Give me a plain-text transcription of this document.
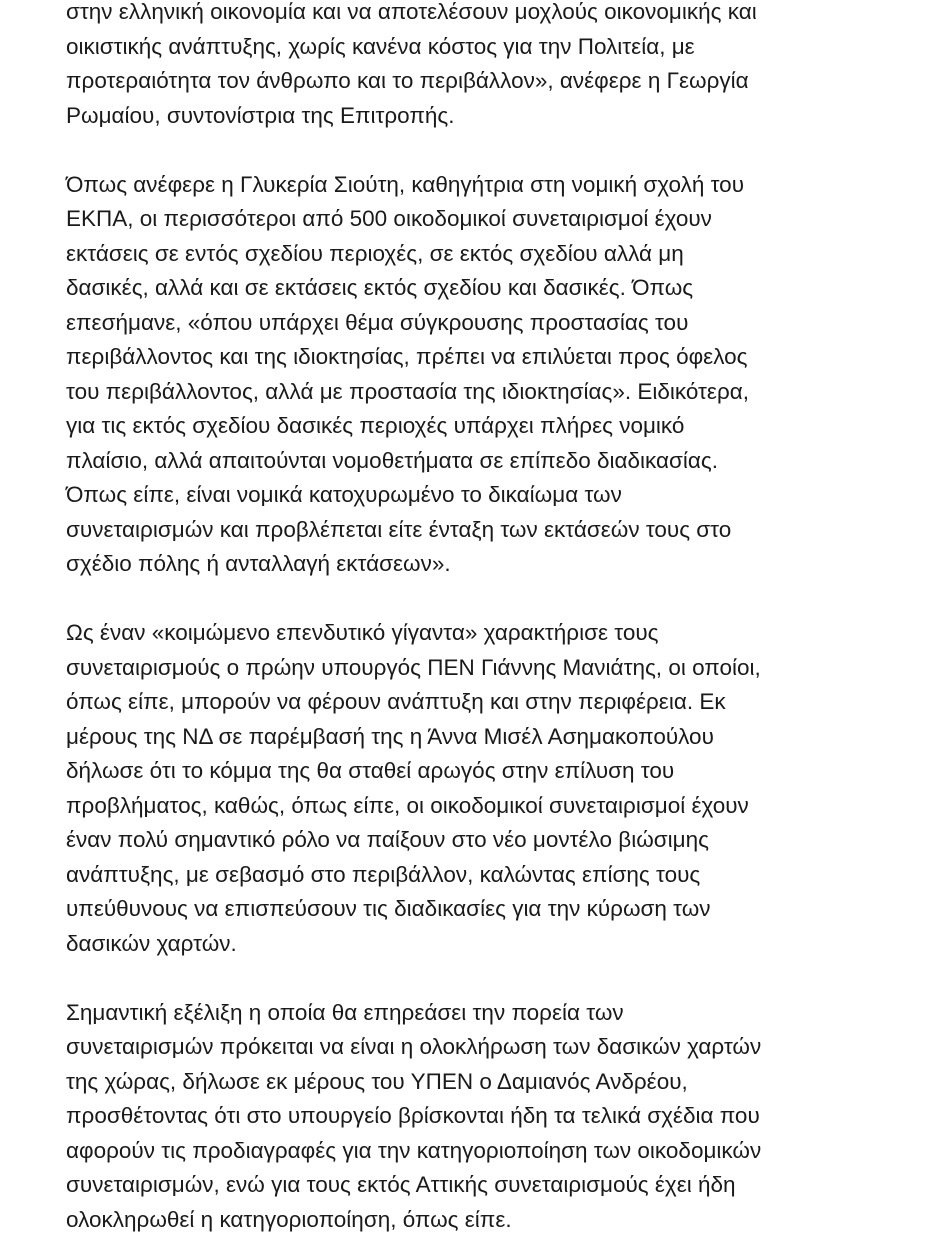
στην ελληνική οικονομία και να αποτελέσουν μοχλούς οικονομικής και
οικιστικής ανάπτυξης, χωρίς κανένα κόστος για την Πολιτεία, με
προτεραιότητα τον άνθρωπο και το περιβάλλον», ανέφερε η Γεωργία
Ρωμαίου, συντονίστρια της Επιτροπής.
Όπως ανέφερε η Γλυκερία Σιούτη, καθηγήτρια στη νομική σχολή του
ΕΚΠΑ, οι περισσότεροι από 500 οικοδομικοί συνεταιρισμοί έχουν
εκτάσεις σε εντός σχεδίου περιοχές, σε εκτός σχεδίου αλλά μη
δασικές, αλλά και σε εκτάσεις εκτός σχεδίου και δασικές. Όπως
επεσήμανε, «όπου υπάρχει θέμα σύγκρουσης προστασίας του
περιβάλλοντος και της ιδιοκτησίας, πρέπει να επιλύεται προς όφελος
του περιβάλλοντος, αλλά με προστασία της ιδιοκτησίας». Ειδικότερα,
για τις εκτός σχεδίου δασικές περιοχές υπάρχει πλήρες νομικό
πλαίσιο, αλλά απαιτούνται νομοθετήματα σε επίπεδο διαδικασίας.
Όπως είπε, είναι νομικά κατοχυρωμένο το δικαίωμα των
συνεταιρισμών και προβλέπεται είτε ένταξη των εκτάσεών τους στο
σχέδιο πόλης ή ανταλλαγή εκτάσεων».
Ως έναν «κοιμώμενο επενδυτικό γίγαντα» χαρακτήρισε τους
συνεταιρισμούς ο πρώην υπουργός ΠΕΝ Γιάννης Μανιάτης, οι οποίοι,
όπως είπε, μπορούν να φέρουν ανάπτυξη και στην περιφέρεια. Εκ
μέρους της ΝΔ σε παρέμβασή της η Άννα Μισέλ Ασημακοπούλου
δήλωσε ότι το κόμμα της θα σταθεί αρωγός στην επίλυση του
προβλήματος, καθώς, όπως είπε, οι οικοδομικοί συνεταιρισμοί έχουν
έναν πολύ σημαντικό ρόλο να παίξουν στο νέο μοντέλο βιώσιμης
ανάπτυξης, με σεβασμό στο περιβάλλον, καλώντας επίσης τους
υπεύθυνους να επισπεύσουν τις διαδικασίες για την κύρωση των
δασικών χαρτών.
Σημαντική εξέλιξη η οποία θα επηρεάσει την πορεία των
συνεταιρισμών πρόκειται να είναι η ολοκλήρωση των δασικών χαρτών
της χώρας, δήλωσε εκ μέρους του ΥΠΕΝ ο Δαμιανός Ανδρέου,
προσθέτοντας ότι στο υπουργείο βρίσκονται ήδη τα τελικά σχέδια που
αφορούν τις προδιαγραφές για την κατηγοριοποίηση των οικοδομικών
συνεταιρισμών, ενώ για τους εκτός Αττικής συνεταιρισμούς έχει ήδη
ολοκληρωθεί η κατηγοριοποίηση, όπως είπε.
